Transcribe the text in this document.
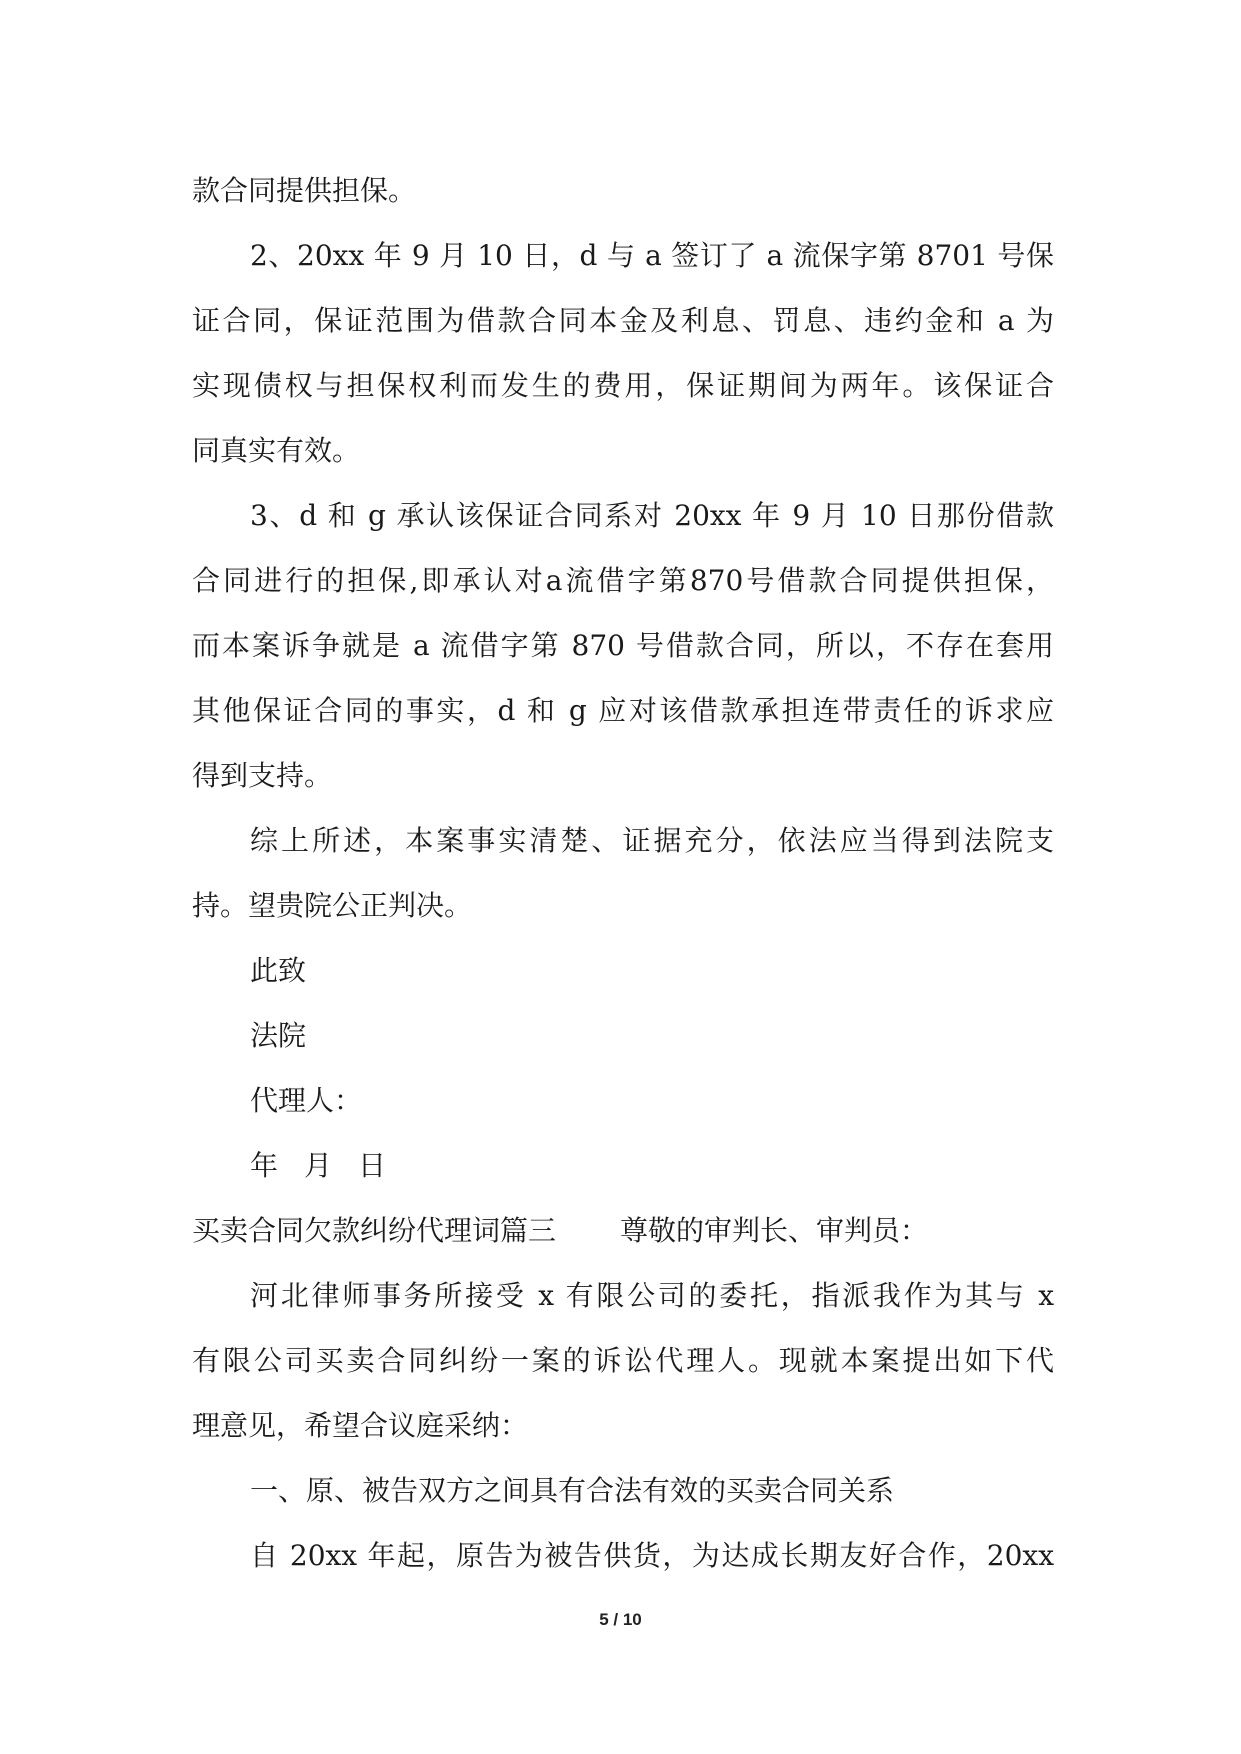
款合同提供担保。
2、20xx 年 9 月 10 日，d 与 a 签订了 a 流保字第 8701 号保
证合同，保证范围为借款合同本金及利息、罚息、违约金和 a 为
实现债权与担保权利而发生的费用，保证期间为两年。该保证合
同真实有效。
3、d 和 g 承认该保证合同系对 20xx 年 9 月 10 日那份借款
合同进行的担保,即承认对a流借字第870号借款合同提供担保，
而本案诉争就是 a 流借字第 870 号借款合同，所以，不存在套用
其他保证合同的事实，d 和 g 应对该借款承担连带责任的诉求应
得到支持。
综上所述，本案事实清楚、证据充分，依法应当得到法院支
持。望贵院公正判决。
此致
法院
代理人：
年 月 日
买卖合同欠款纠纷代理词篇三 尊敬的审判长、审判员：
河北律师事务所接受 x 有限公司的委托，指派我作为其与 x
有限公司买卖合同纠纷一案的诉讼代理人。现就本案提出如下代
理意见，希望合议庭采纳：
一、原、被告双方之间具有合法有效的买卖合同关系
自 20xx 年起，原告为被告供货，为达成长期友好合作，20xx
5 / 10
